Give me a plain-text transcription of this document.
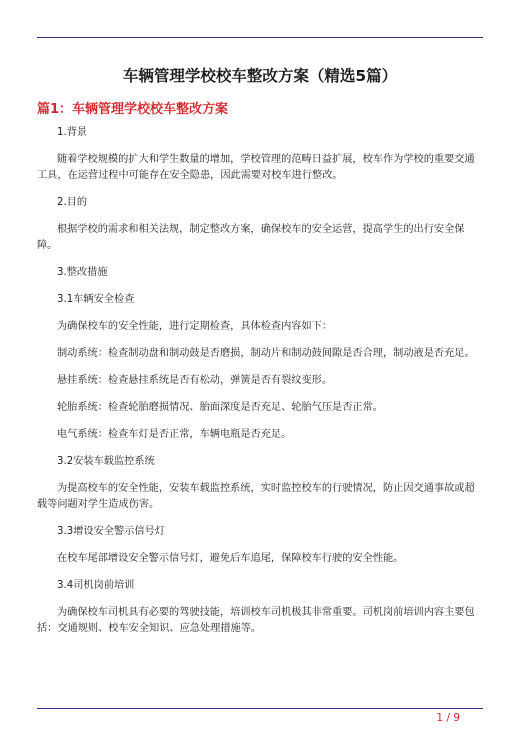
车辆管理学校校车整改方案（精选5篇）
篇1：车辆管理学校校车整改方案

1.背景

随着学校规模的扩大和学生数量的增加，学校管理的范畴日益扩展，校车作为学校的重要交通工具，在运营过程中可能存在安全隐患，因此需要对校车进行整改。

2.目的

根据学校的需求和相关法规，制定整改方案，确保校车的安全运营，提高学生的出行安全保障。

3.整改措施

3.1车辆安全检查

为确保校车的安全性能，进行定期检查，具体检查内容如下：

制动系统：检查制动盘和制动鼓是否磨损，制动片和制动鼓间隙是否合理，制动液是否充足。

悬挂系统：检查悬挂系统是否有松动，弹簧是否有裂纹变形。

轮胎系统：检查轮胎磨损情况、胎面深度是否充足、轮胎气压是否正常。

电气系统：检查车灯是否正常，车辆电瓶是否充足。

3.2安装车载监控系统

为提高校车的安全性能，安装车载监控系统，实时监控校车的行驶情况，防止因交通事故或超载等问题对学生造成伤害。

3.3增设安全警示信号灯

在校车尾部增设安全警示信号灯，避免后车追尾，保障校车行驶的安全性能。

3.4司机岗前培训

为确保校车司机具有必要的驾驶技能，培训校车司机极其非常重要。司机岗前培训内容主要包括：交通规则、校车安全知识、应急处理措施等。

1 / 9
